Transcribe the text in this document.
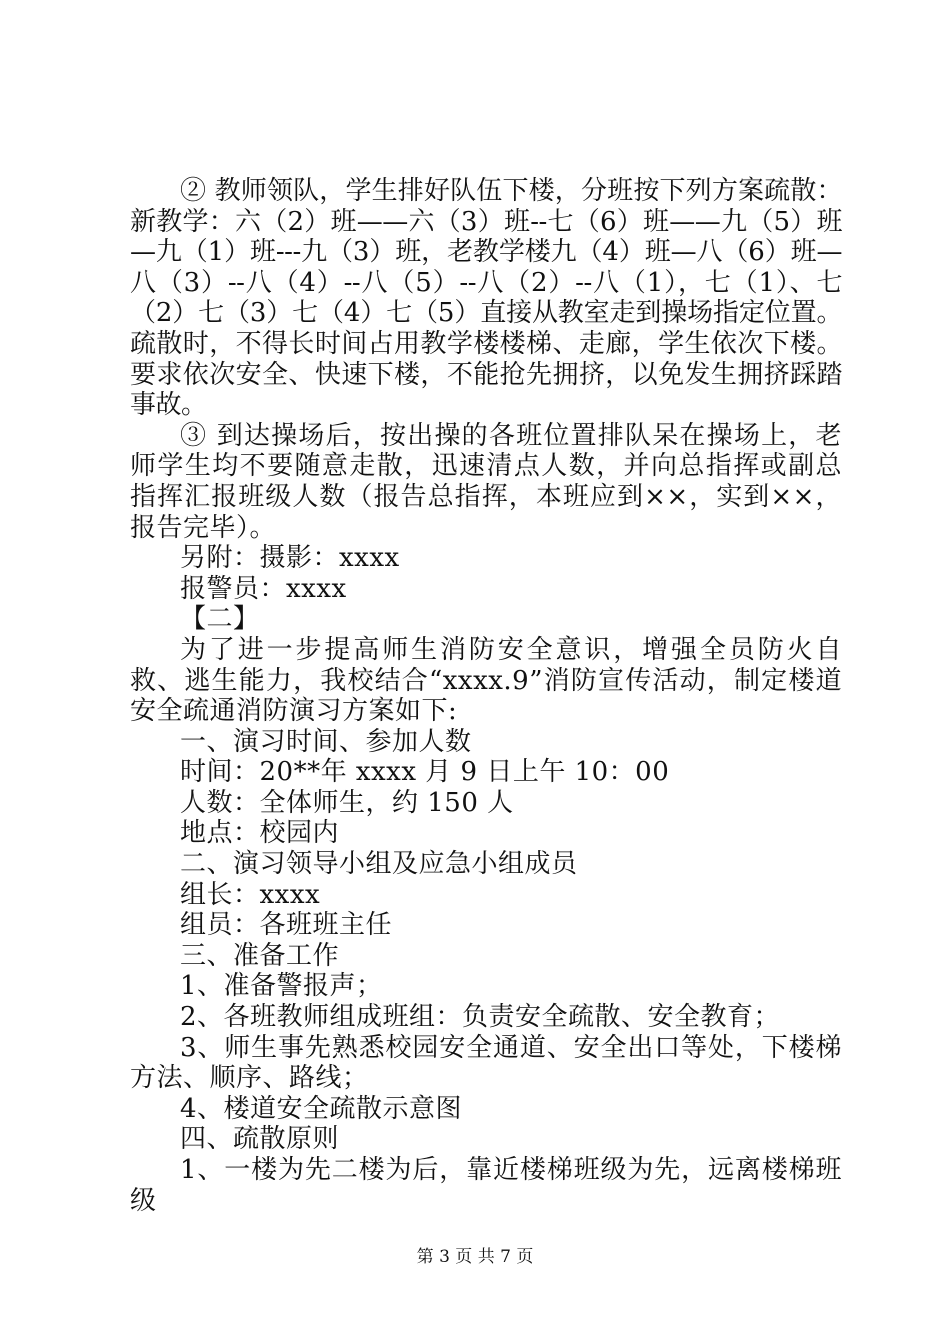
② 教师领队，学生排好队伍下楼，分班按下列方案疏散：新教学：六（2）班——六（3）班--七（6）班——九（5）班—九（1）班---九（3）班，老教学楼九（4）班—八（6）班—八（3）--八（4）--八（5）--八（2）--八（1），七（1）、七（2）七（3）七（4）七（5）直接从教室走到操场指定位置。疏散时，不得长时间占用教学楼楼梯、走廊，学生依次下楼。要求依次安全、快速下楼，不能抢先拥挤，以免发生拥挤踩踏事故。

③ 到达操场后，按出操的各班位置排队呆在操场上，老师学生均不要随意走散，迅速清点人数，并向总指挥或副总指挥汇报班级人数（报告总指挥，本班应到××，实到××，报告完毕）。

另附：摄影：xxxx

报警员：xxxx

【二】

为了进一步提高师生消防安全意识，增强全员防火自救、逃生能力，我校结合“xxxx.9”消防宣传活动，制定楼道安全疏通消防演习方案如下:

一、演习时间、参加人数

时间：20**年 xxxx 月 9 日上午 10：00

人数：全体师生，约 150 人

地点：校园内

二、演习领导小组及应急小组成员

组长：xxxx

组员：各班班主任

三、准备工作

1、准备警报声；

2、各班教师组成班组：负责安全疏散、安全教育；

3、师生事先熟悉校园安全通道、安全出口等处，下楼梯方法、顺序、路线；

4、楼道安全疏散示意图

四、疏散原则

1、一楼为先二楼为后，靠近楼梯班级为先，远离楼梯班级

第 3 页 共 7 页
